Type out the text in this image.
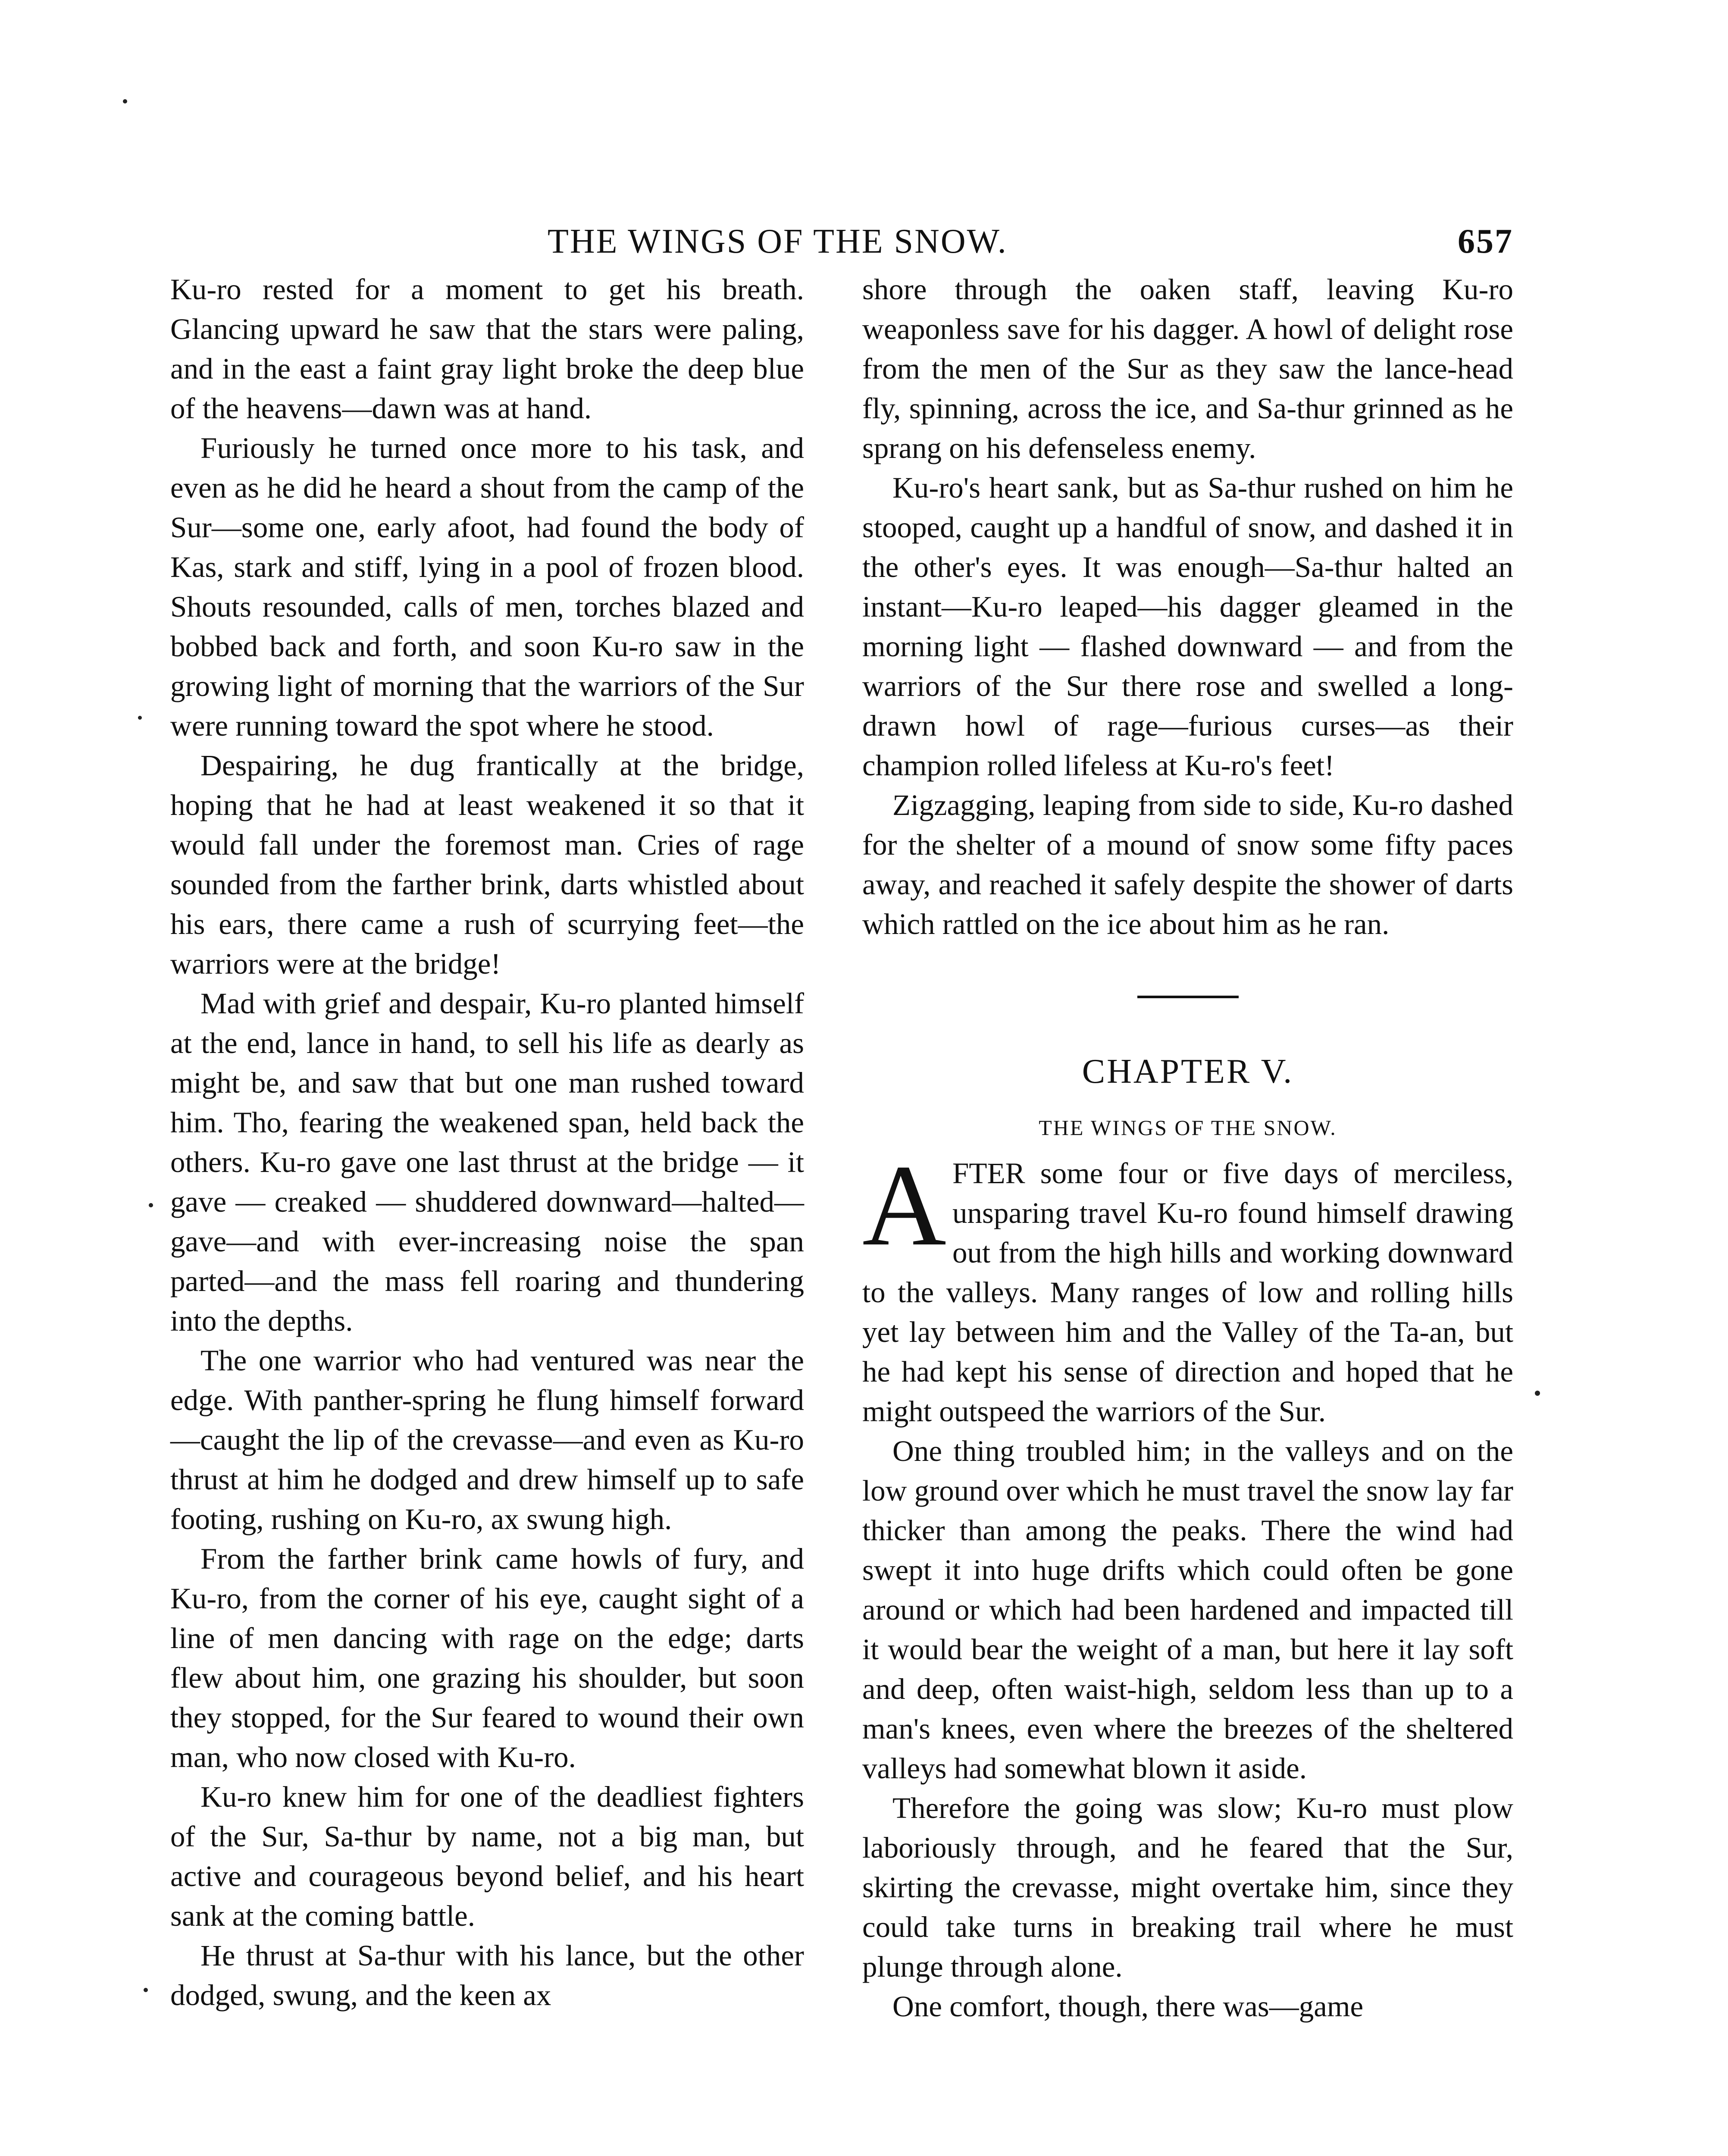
THE WINGS OF THE SNOW.	657

Ku-ro rested for a moment to get his breath. Glancing upward he saw that the stars were paling, and in the east a faint gray light broke the deep blue of the heavens—dawn was at hand.

Furiously he turned once more to his task, and even as he did he heard a shout from the camp of the Sur—some one, early afoot, had found the body of Kas, stark and stiff, lying in a pool of frozen blood. Shouts resounded, calls of men, torches blazed and bobbed back and forth, and soon Ku-ro saw in the growing light of morning that the warriors of the Sur were running toward the spot where he stood.

Despairing, he dug frantically at the bridge, hoping that he had at least weakened it so that it would fall under the foremost man. Cries of rage sounded from the farther brink, darts whistled about his ears, there came a rush of scurrying feet—the warriors were at the bridge!

Mad with grief and despair, Ku-ro planted himself at the end, lance in hand, to sell his life as dearly as might be, and saw that but one man rushed toward him. Tho, fearing the weakened span, held back the others. Ku-ro gave one last thrust at the bridge — it gave — creaked — shuddered downward—halted—gave—and with ever-increasing noise the span parted—and the mass fell roaring and thundering into the depths.

The one warrior who had ventured was near the edge. With panther-spring he flung himself forward—caught the lip of the crevasse—and even as Ku-ro thrust at him he dodged and drew himself up to safe footing, rushing on Ku-ro, ax swung high.

From the farther brink came howls of fury, and Ku-ro, from the corner of his eye, caught sight of a line of men dancing with rage on the edge; darts flew about him, one grazing his shoulder, but soon they stopped, for the Sur feared to wound their own man, who now closed with Ku-ro.

Ku-ro knew him for one of the deadliest fighters of the Sur, Sa-thur by name, not a big man, but active and courageous beyond belief, and his heart sank at the coming battle.

He thrust at Sa-thur with his lance, but the other dodged, swung, and the keen ax

shore through the oaken staff, leaving Ku-ro weaponless save for his dagger. A howl of delight rose from the men of the Sur as they saw the lance-head fly, spinning, across the ice, and Sa-thur grinned as he sprang on his defenseless enemy.

Ku-ro's heart sank, but as Sa-thur rushed on him he stooped, caught up a handful of snow, and dashed it in the other's eyes. It was enough—Sa-thur halted an instant—Ku-ro leaped—his dagger gleamed in the morning light — flashed downward — and from the warriors of the Sur there rose and swelled a long-drawn howl of rage—furious curses—as their champion rolled lifeless at Ku-ro's feet!

Zigzagging, leaping from side to side, Ku-ro dashed for the shelter of a mound of snow some fifty paces away, and reached it safely despite the shower of darts which rattled on the ice about him as he ran.

CHAPTER V.
THE WINGS OF THE SNOW.

AFTER some four or five days of merciless, unsparing travel Ku-ro found himself drawing out from the high hills and working downward to the valleys. Many ranges of low and rolling hills yet lay between him and the Valley of the Ta-an, but he had kept his sense of direction and hoped that he might outspeed the warriors of the Sur.

One thing troubled him; in the valleys and on the low ground over which he must travel the snow lay far thicker than among the peaks. There the wind had swept it into huge drifts which could often be gone around or which had been hardened and impacted till it would bear the weight of a man, but here it lay soft and deep, often waist-high, seldom less than up to a man's knees, even where the breezes of the sheltered valleys had somewhat blown it aside.

Therefore the going was slow; Ku-ro must plow laboriously through, and he feared that the Sur, skirting the crevasse, might overtake him, since they could take turns in breaking trail where he must plunge through alone.

One comfort, though, there was—game
